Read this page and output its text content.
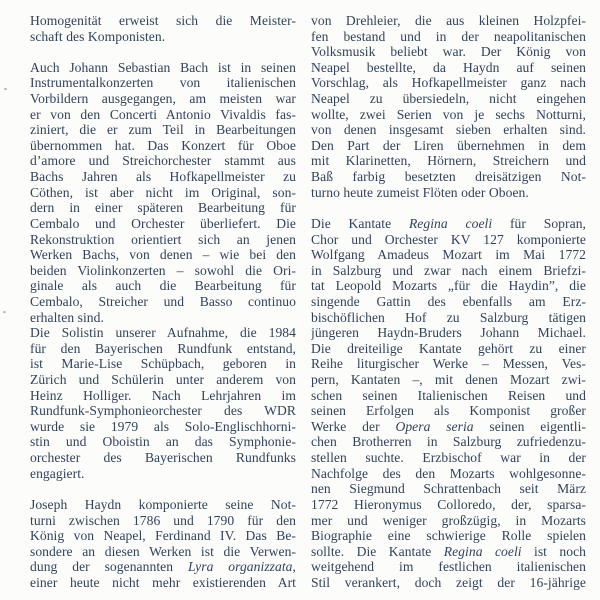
Homogenität erweist sich die Meister-
schaft des Komponisten.
Auch Johann Sebastian Bach ist in seinen
Instrumentalkonzerten von italienischen
Vorbildern ausgegangen, am meisten war
er von den Concerti Antonio Vivaldis fas-
ziniert, die er zum Teil in Bearbeitungen
übernommen hat. Das Konzert für Oboe
d’amore und Streichorchester stammt aus
Bachs Jahren als Hofkapellmeister zu
Cöthen, ist aber nicht im Original, son-
dern in einer späteren Bearbeitung für
Cembalo und Orchester überliefert. Die
Rekonstruktion orientiert sich an jenen
Werken Bachs, von denen – wie bei den
beiden Violinkonzerten – sowohl die Ori-
ginale als auch die Bearbeitung für
Cembalo, Streicher und Basso continuo
erhalten sind.
Die Solistin unserer Aufnahme, die 1984
für den Bayerischen Rundfunk entstand,
ist Marie-Lise Schüpbach, geboren in
Zürich und Schülerin unter anderem von
Heinz Holliger. Nach Lehrjahren im
Rundfunk-Symphonieorchester des WDR
wurde sie 1979 als Solo-Englischhorni-
stin und Oboistin an das Symphonie-
orchester des Bayerischen Rundfunks
engagiert.
Joseph Haydn komponierte seine Not-
turni zwischen 1786 und 1790 für den
König von Neapel, Ferdinand IV. Das Be-
sondere an diesen Werken ist die Verwen-
dung der sogenannten Lyra organizzata,
einer heute nicht mehr existierenden Art
von Drehleier, die aus kleinen Holzpfei-
fen bestand und in der neapolitanischen
Volksmusik beliebt war. Der König von
Neapel bestellte, da Haydn auf seinen
Vorschlag, als Hofkapellmeister ganz nach
Neapel zu übersiedeln, nicht eingehen
wollte, zwei Serien von je sechs Notturni,
von denen insgesamt sieben erhalten sind.
Den Part der Liren übernehmen in dem
mit Klarinetten, Hörnern, Streichern und
Baß farbig besetzten dreisätzigen Not-
turno heute zumeist Flöten oder Oboen.
Die Kantate Regina coeli für Sopran,
Chor und Orchester KV 127 komponierte
Wolfgang Amadeus Mozart im Mai 1772
in Salzburg und zwar nach einem Briefzi-
tat Leopold Mozarts „für die Haydin”, die
singende Gattin des ebenfalls am Erz-
bischöflichen Hof zu Salzburg tätigen
jüngeren Haydn-Bruders Johann Michael.
Die dreiteilige Kantate gehört zu einer
Reihe liturgischer Werke – Messen, Ves-
pern, Kantaten –, mit denen Mozart zwi-
schen seinen Italienischen Reisen und
seinen Erfolgen als Komponist großer
Werke der Opera seria seinen eigentli-
chen Brotherren in Salzburg zufriedenzu-
stellen suchte. Erzbischof war in der
Nachfolge des den Mozarts wohlgesonne-
nen Siegmund Schrattenbach seit März
1772 Hieronymus Colloredo, der, sparsa-
mer und weniger großzügig, in Mozarts
Biographie eine schwierige Rolle spielen
sollte. Die Kantate Regina coeli ist noch
weitgehend im festlichen italienischen
Stil verankert, doch zeigt der 16-jährige
